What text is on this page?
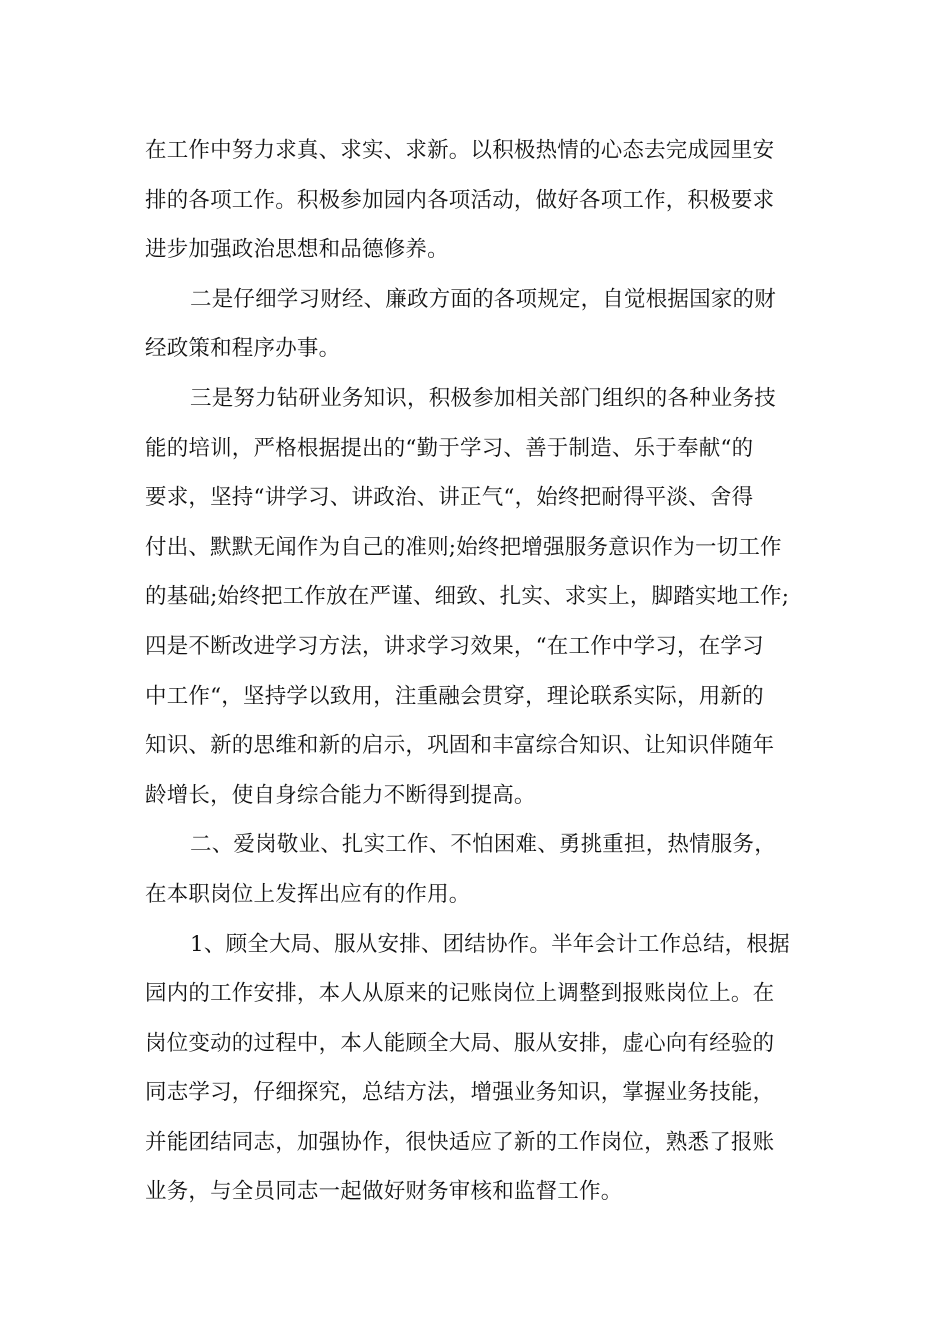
在工作中努力求真、求实、求新。以积极热情的心态去完成园里安
排的各项工作。积极参加园内各项活动，做好各项工作，积极要求
进步加强政治思想和品德修养。
二是仔细学习财经、廉政方面的各项规定，自觉根据国家的财
经政策和程序办事。
三是努力钻研业务知识，积极参加相关部门组织的各种业务技
能的培训，严格根据提出的“勤于学习、善于制造、乐于奉献“的
要求，坚持“讲学习、讲政治、讲正气“，始终把耐得平淡、舍得
付出、默默无闻作为自己的准则;始终把增强服务意识作为一切工作
的基础;始终把工作放在严谨、细致、扎实、求实上，脚踏实地工作;
四是不断改进学习方法，讲求学习效果，“在工作中学习，在学习
中工作“，坚持学以致用，注重融会贯穿，理论联系实际，用新的
知识、新的思维和新的启示，巩固和丰富综合知识、让知识伴随年
龄增长，使自身综合能力不断得到提高。
二、爱岗敬业、扎实工作、不怕困难、勇挑重担，热情服务，
在本职岗位上发挥出应有的作用。
1、顾全大局、服从安排、团结协作。半年会计工作总结，根据
园内的工作安排，本人从原来的记账岗位上调整到报账岗位上。在
岗位变动的过程中，本人能顾全大局、服从安排，虚心向有经验的
同志学习，仔细探究，总结方法，增强业务知识，掌握业务技能，
并能团结同志，加强协作，很快适应了新的工作岗位，熟悉了报账
业务，与全员同志一起做好财务审核和监督工作。
